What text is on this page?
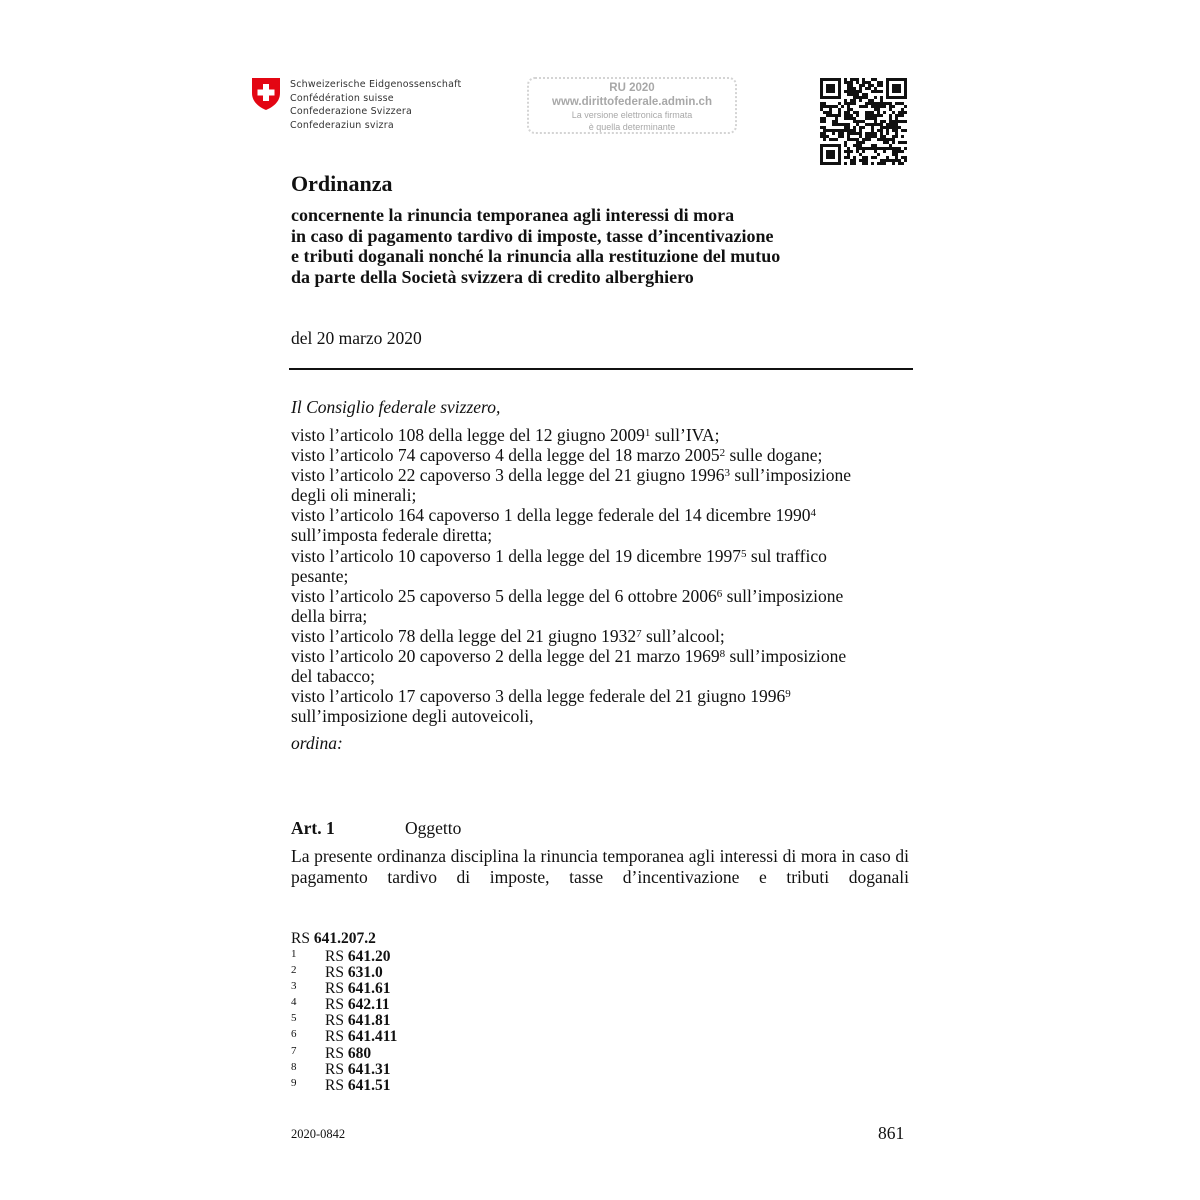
Schweizerische Eidgenossenschaft
Confédération suisse
Confederazione Svizzera
Confederaziun svizra
RU 2020
www.dirittofederale.admin.ch
La versione elettronica firmata
è quella determinante
Ordinanza
concernente la rinuncia temporanea agli interessi di mora
in caso di pagamento tardivo di imposte, tasse d’incentivazione
e tributi doganali nonché la rinuncia alla restituzione del mutuo
da parte della Società svizzera di credito alberghiero
del 20 marzo 2020
Il Consiglio federale svizzero,
visto l’articolo 108 della legge del 12 giugno 2009$^1$ sull’IVA;
visto l’articolo 74 capoverso 4 della legge del 18 marzo 2005$^2$ sulle dogane;
visto l’articolo 22 capoverso 3 della legge del 21 giugno 1996$^3$ sull’imposizione
degli oli minerali;
visto l’articolo 164 capoverso 1 della legge federale del 14 dicembre 1990$^4$
sull’imposta federale diretta;
visto l’articolo 10 capoverso 1 della legge del 19 dicembre 1997$^5$ sul traffico
pesante;
visto l’articolo 25 capoverso 5 della legge del 6 ottobre 2006$^6$ sull’imposizione
della birra;
visto l’articolo 78 della legge del 21 giugno 1932$^7$ sull’alcool;
visto l’articolo 20 capoverso 2 della legge del 21 marzo 1969$^8$ sull’imposizione
del tabacco;
visto l’articolo 17 capoverso 3 della legge federale del 21 giugno 1996$^9$
sull’imposizione degli autoveicoli,
ordina:
Art. 1	Oggetto
La presente ordinanza disciplina la rinuncia temporanea agli interessi di mora in caso di pagamento tardivo di imposte, tasse d’incentivazione e tributi doganali
RS 641.207.2
1 RS 641.20
2 RS 631.0
3 RS 641.61
4 RS 642.11
5 RS 641.81
6 RS 641.411
7 RS 680
8 RS 641.31
9 RS 641.51
2020-0842	861
